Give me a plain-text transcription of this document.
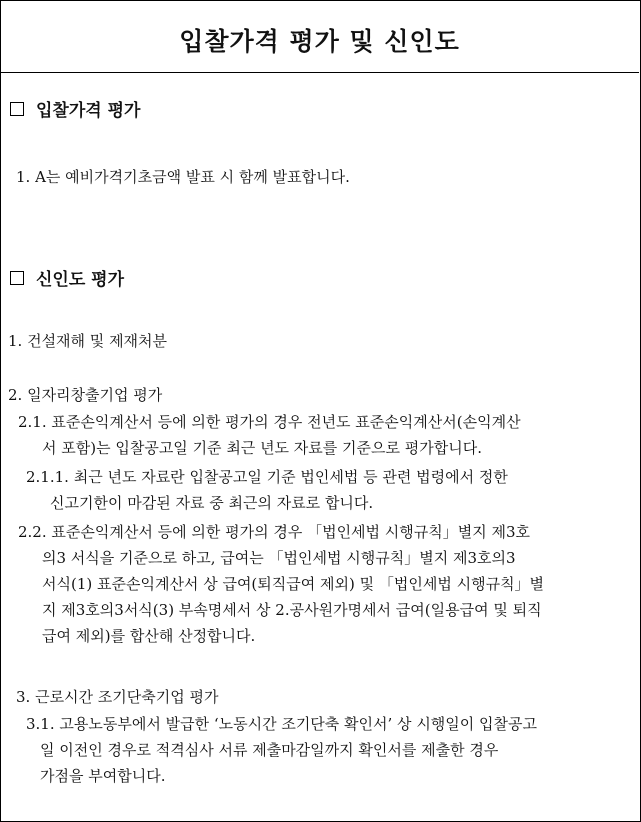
입찰가격 평가 및 신인도
입찰가격 평가
1. A는 예비가격기초금액 발표 시 함께 발표합니다.
신인도 평가
1. 건설재해 및 제재처분
2. 일자리창출기업 평가
2.1. 표준손익계산서 등에 의한 평가의 경우 전년도 표준손익계산서(손익계산
서 포함)는 입찰공고일 기준 최근 년도 자료를 기준으로 평가합니다.
2.1.1. 최근 년도 자료란 입찰공고일 기준 법인세법 등 관련 법령에서 정한
신고기한이 마감된 자료 중 최근의 자료로 합니다.
2.2. 표준손익계산서 등에 의한 평가의 경우 「법인세법 시행규칙」별지 제3호
의3 서식을 기준으로 하고, 급여는 「법인세법 시행규칙」별지 제3호의3
서식(1) 표준손익계산서 상 급여(퇴직급여 제외) 및 「법인세법 시행규칙」별
지 제3호의3서식(3) 부속명세서 상 2.공사원가명세서 급여(일용급여 및 퇴직
급여 제외)를 합산해 산정합니다.
3. 근로시간 조기단축기업 평가
3.1. 고용노동부에서 발급한 ‘노동시간 조기단축 확인서’ 상 시행일이 입찰공고
일 이전인 경우로 적격심사 서류 제출마감일까지 확인서를 제출한 경우
가점을 부여합니다.
